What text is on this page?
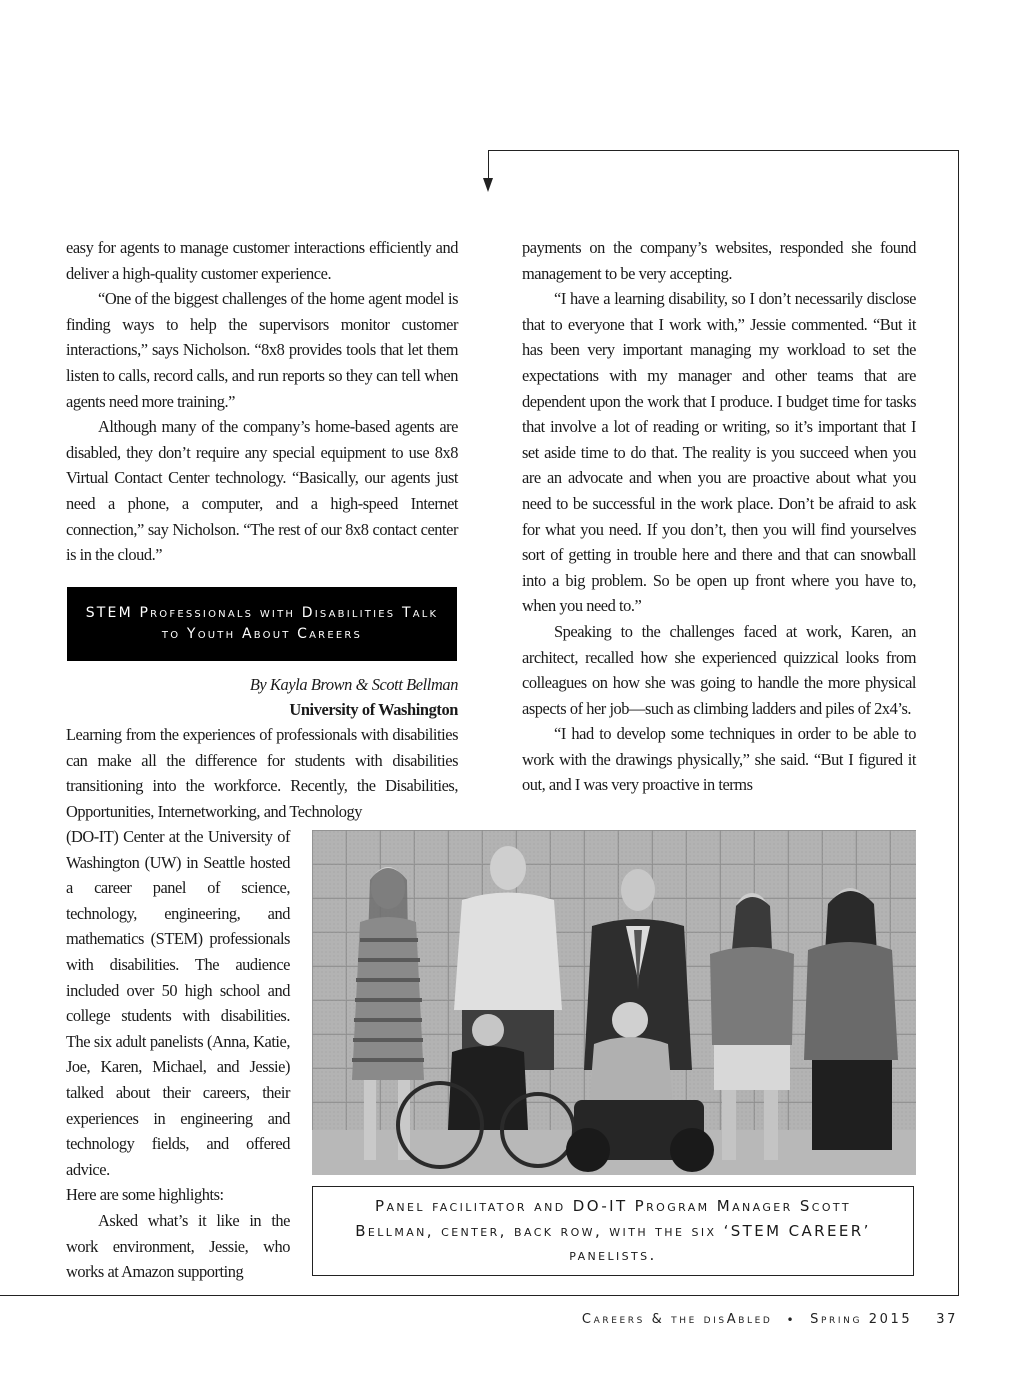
easy for agents to manage customer interactions efficiently and deliver a high-quality customer experience.

“One of the biggest challenges of the home agent model is finding ways to help the supervisors monitor customer interactions,” says Nicholson. “8x8 provides tools that let them listen to calls, record calls, and run reports so they can tell when agents need more training.”

Although many of the company’s home-based agents are disabled, they don’t require any special equipment to use 8x8 Virtual Contact Center technology. “Basically, our agents just need a phone, a computer, and a high-speed Internet connection,” say Nicholson. “The rest of our 8x8 contact center is in the cloud.”

STEM Professionals with Disabilities Talk to Youth About Careers
By Kayla Brown & Scott Bellman
University of Washington

Learning from the experiences of professionals with disabilities can make all the difference for students with disabilities transitioning into the workforce. Recently, the Disabilities, Opportunities, Internetworking, and Technology

(DO-IT) Center at the University of Washington (UW) in Seattle hosted a career panel of science, technology, engineering, and mathematics (STEM) professionals with disabilities. The audience included over 50 high school and college students with disabilities. The six adult panelists (Anna, Katie, Joe, Karen, Michael, and Jessie) talked about their careers, their experiences in engineering and technology fields, and offered advice.

Here are some highlights:

Asked what’s it like in the work environment, Jessie, who works at Amazon supporting

payments on the company’s websites, responded she found management to be very accepting.

“I have a learning disability, so I don’t necessarily disclose that to everyone that I work with,” Jessie commented. “But it has been very important managing my workload to set the expectations with my manager and other teams that are dependent upon the work that I produce. I budget time for tasks that involve a lot of reading or writing, so it’s important that I set aside time to do that. The reality is you succeed when you are an advocate and when you are proactive about what you need to be successful in the work place. Don’t be afraid to ask for what you need. If you don’t, then you will find yourselves sort of getting in trouble here and there and that can snowball into a big problem. So be open up front where you have to, when you need to.”

Speaking to the challenges faced at work, Karen, an architect, recalled how she experienced quizzical looks from colleagues on how she was going to handle the more physical aspects of her job—such as climbing ladders and piles of 2x4’s.

“I had to develop some techniques in order to be able to work with the drawings physically,” she said. “But I figured it out, and I was very proactive in terms

Panel facilitator and DO-IT Program Manager Scott Bellman, center, back row, with the six ‘STEM CAREER’ panelists.
Careers & the disAbled • Spring 2015 37
